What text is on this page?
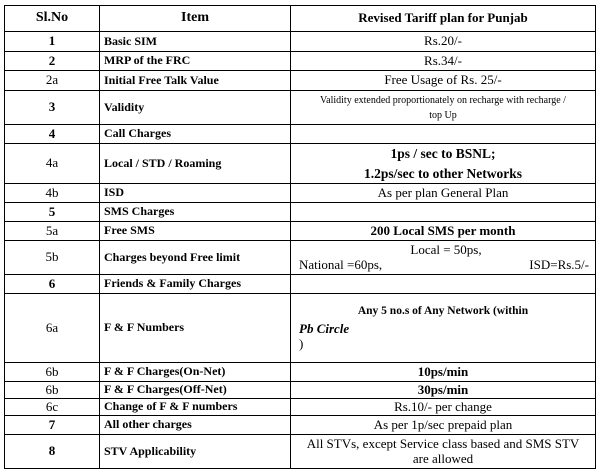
Sl.No	Item	Revised Tariff plan for Punjab
1	Basic SIM	Rs.20/-
2	MRP of the FRC	Rs.34/-
2a	Initial Free Talk Value	Free Usage of Rs. 25/-
3	Validity	Validity extended proportionately on recharge with recharge /
top Up

4	Call Charges	
4a	Local / STD / Roaming	1ps / sec to BSNL;
1.2ps/sec to other Networks

4b	ISD	As per plan General Plan
5	SMS Charges	
5a	Free SMS	200 Local SMS per month
5b	Charges beyond Free limit	Local = 50ps,
National =60ps, ISD=Rs.5/-

6	Friends & Family Charges	
6a	F & F Numbers	Any 5 no.s of Any Network (within
Pb Circle
)

6b	F & F Charges(On-Net)	10ps/min
6b	F & F Charges(Off-Net)	30ps/min
6c	Change of F & F numbers	Rs.10/- per change
7	All other charges	As per 1p/sec prepaid plan
8	STV Applicability	All STVs, except Service class based and SMS STV
are allowed
